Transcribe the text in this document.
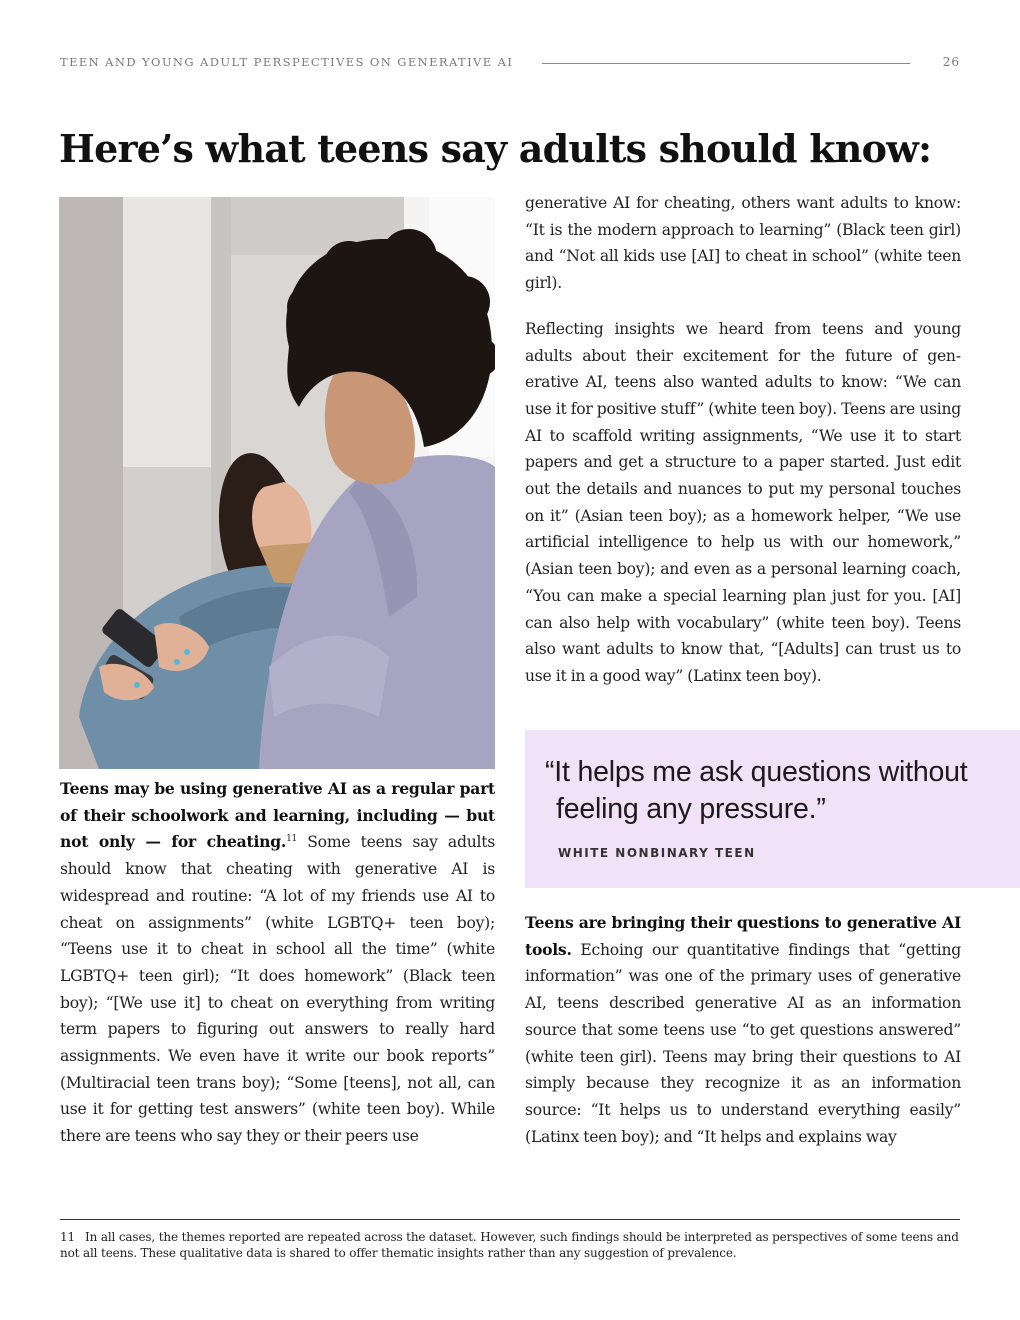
TEEN AND YOUNG ADULT PERSPECTIVES ON GENERATIVE AI	26
Here’s what teens say adults should know:

Teens may be using generative AI as a regular part of their schoolwork and learning, including — but not only — for cheating.$^{11}$ Some teens say adults should know that cheating with generative AI is widespread and routine: “A lot of my friends use AI to cheat on assignments” (white LGBTQ+ teen boy); “Teens use it to cheat in school all the time” (white LGBTQ+ teen girl); “It does homework” (Black teen boy); “[We use it] to cheat on everything from writing term papers to figuring out answers to really hard assignments. We even have it write our book reports” (Multiracial teen trans boy); “Some [teens], not all, can use it for getting test answers” (white teen boy). While there are teens who say they or their peers use

generative AI for cheating, others want adults to know: “It is the modern approach to learning” (Black teen girl) and “Not all kids use [AI] to cheat in school” (white teen girl).

Reflecting insights we heard from teens and young adults about their excitement for the future of generative AI, teens also wanted adults to know: “We can use it for positive stuff” (white teen boy). Teens are using AI to scaffold writing assignments, “We use it to start papers and get a structure to a paper started. Just edit out the details and nuances to put my personal touches on it” (Asian teen boy); as a homework helper, “We use artificial intelligence to help us with our homework,” (Asian teen boy); and even as a personal learning coach, “You can make a special learning plan just for you. [AI] can also help with vocabulary” (white teen boy). Teens also want adults to know that, “[Adults] can trust us to use it in a good way” (Latinx teen boy).

“It helps me ask questions without feeling any pressure.”
WHITE NONBINARY TEEN

Teens are bringing their questions to generative AI tools. Echoing our quantitative findings that “getting information” was one of the primary uses of generative AI, teens described generative AI as an information source that some teens use “to get questions answered” (white teen girl). Teens may bring their questions to AI simply because they recognize it as an information source: “It helps us to understand everything easily” (Latinx teen boy); and “It helps and explains way

11 In all cases, the themes reported are repeated across the dataset. However, such findings should be interpreted as perspectives of some teens and not all teens. These qualitative data is shared to offer thematic insights rather than any suggestion of prevalence.
